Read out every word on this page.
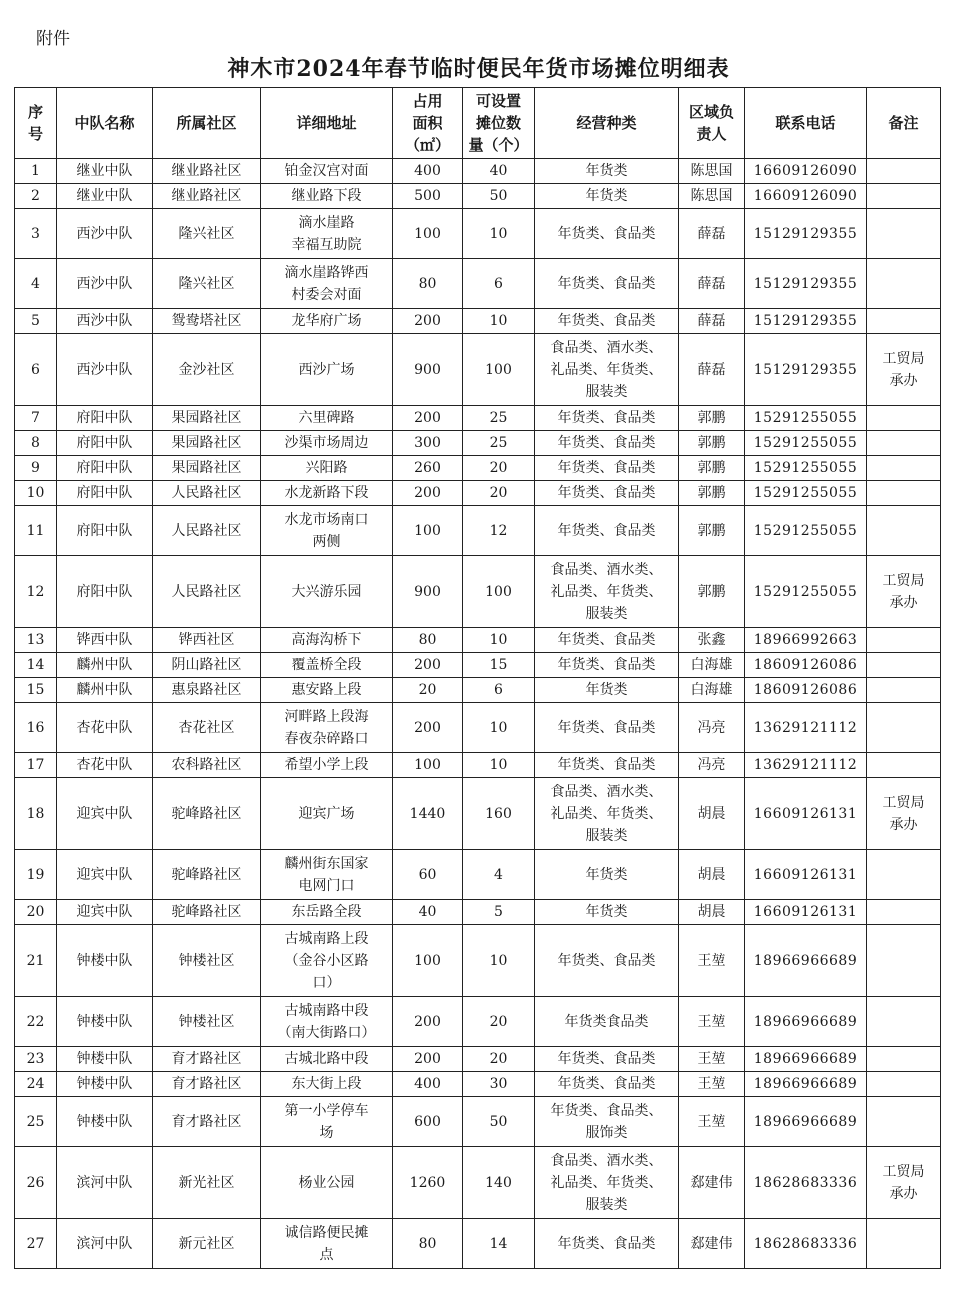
附件
神木市2024年春节临时便民年货市场摊位明细表
序
号	中队名称	所属社区	详细地址	占用
面积
（㎡）	可设置
摊位数
量（个）	经营种类	区域负
责人	联系电话	备注
1	继业中队	继业路社区	铂金汉宫对面	400	40	年货类	陈思国	16609126090	
2	继业中队	继业路社区	继业路下段	500	50	年货类	陈思国	16609126090	
3	西沙中队	隆兴社区	滴水崖路
幸福互助院	100	10	年货类、食品类	薛磊	15129129355	
4	西沙中队	隆兴社区	滴水崖路铧西
村委会对面	80	6	年货类、食品类	薛磊	15129129355	
5	西沙中队	鸳鸯塔社区	龙华府广场	200	10	年货类、食品类	薛磊	15129129355	
6	西沙中队	金沙社区	西沙广场	900	100	食品类、酒水类、
礼品类、年货类、
服装类	薛磊	15129129355	工贸局
承办
7	府阳中队	果园路社区	六里碑路	200	25	年货类、食品类	郭鹏	15291255055	
8	府阳中队	果园路社区	沙渠市场周边	300	25	年货类、食品类	郭鹏	15291255055	
9	府阳中队	果园路社区	兴阳路	260	20	年货类、食品类	郭鹏	15291255055	
10	府阳中队	人民路社区	水龙新路下段	200	20	年货类、食品类	郭鹏	15291255055	
11	府阳中队	人民路社区	水龙市场南口
两侧	100	12	年货类、食品类	郭鹏	15291255055	
12	府阳中队	人民路社区	大兴游乐园	900	100	食品类、酒水类、
礼品类、年货类、
服装类	郭鹏	15291255055	工贸局
承办
13	铧西中队	铧西社区	高海沟桥下	80	10	年货类、食品类	张鑫	18966992663	
14	麟州中队	阴山路社区	覆盖桥全段	200	15	年货类、食品类	白海雄	18609126086	
15	麟州中队	惠泉路社区	惠安路上段	20	6	年货类	白海雄	18609126086	
16	杏花中队	杏花社区	河畔路上段海
春夜杂碎路口	200	10	年货类、食品类	冯亮	13629121112	
17	杏花中队	农科路社区	希望小学上段	100	10	年货类、食品类	冯亮	13629121112	
18	迎宾中队	驼峰路社区	迎宾广场	1440	160	食品类、酒水类、
礼品类、年货类、
服装类	胡晨	16609126131	工贸局
承办
19	迎宾中队	驼峰路社区	麟州街东国家
电网门口	60	4	年货类	胡晨	16609126131	
20	迎宾中队	驼峰路社区	东岳路全段	40	5	年货类	胡晨	16609126131	
21	钟楼中队	钟楼社区	古城南路上段
（金谷小区路
口）	100	10	年货类、食品类	王堃	18966966689	
22	钟楼中队	钟楼社区	古城南路中段
（南大街路口）	200	20	年货类食品类	王堃	18966966689	
23	钟楼中队	育才路社区	古城北路中段	200	20	年货类、食品类	王堃	18966966689	
24	钟楼中队	育才路社区	东大街上段	400	30	年货类、食品类	王堃	18966966689	
25	钟楼中队	育才路社区	第一小学停车
场	600	50	年货类、食品类、
服饰类	王堃	18966966689	
26	滨河中队	新光社区	杨业公园	1260	140	食品类、酒水类、
礼品类、年货类、
服装类	郄建伟	18628683336	工贸局
承办
27	滨河中队	新元社区	诚信路便民摊
点	80	14	年货类、食品类	郄建伟	18628683336	
